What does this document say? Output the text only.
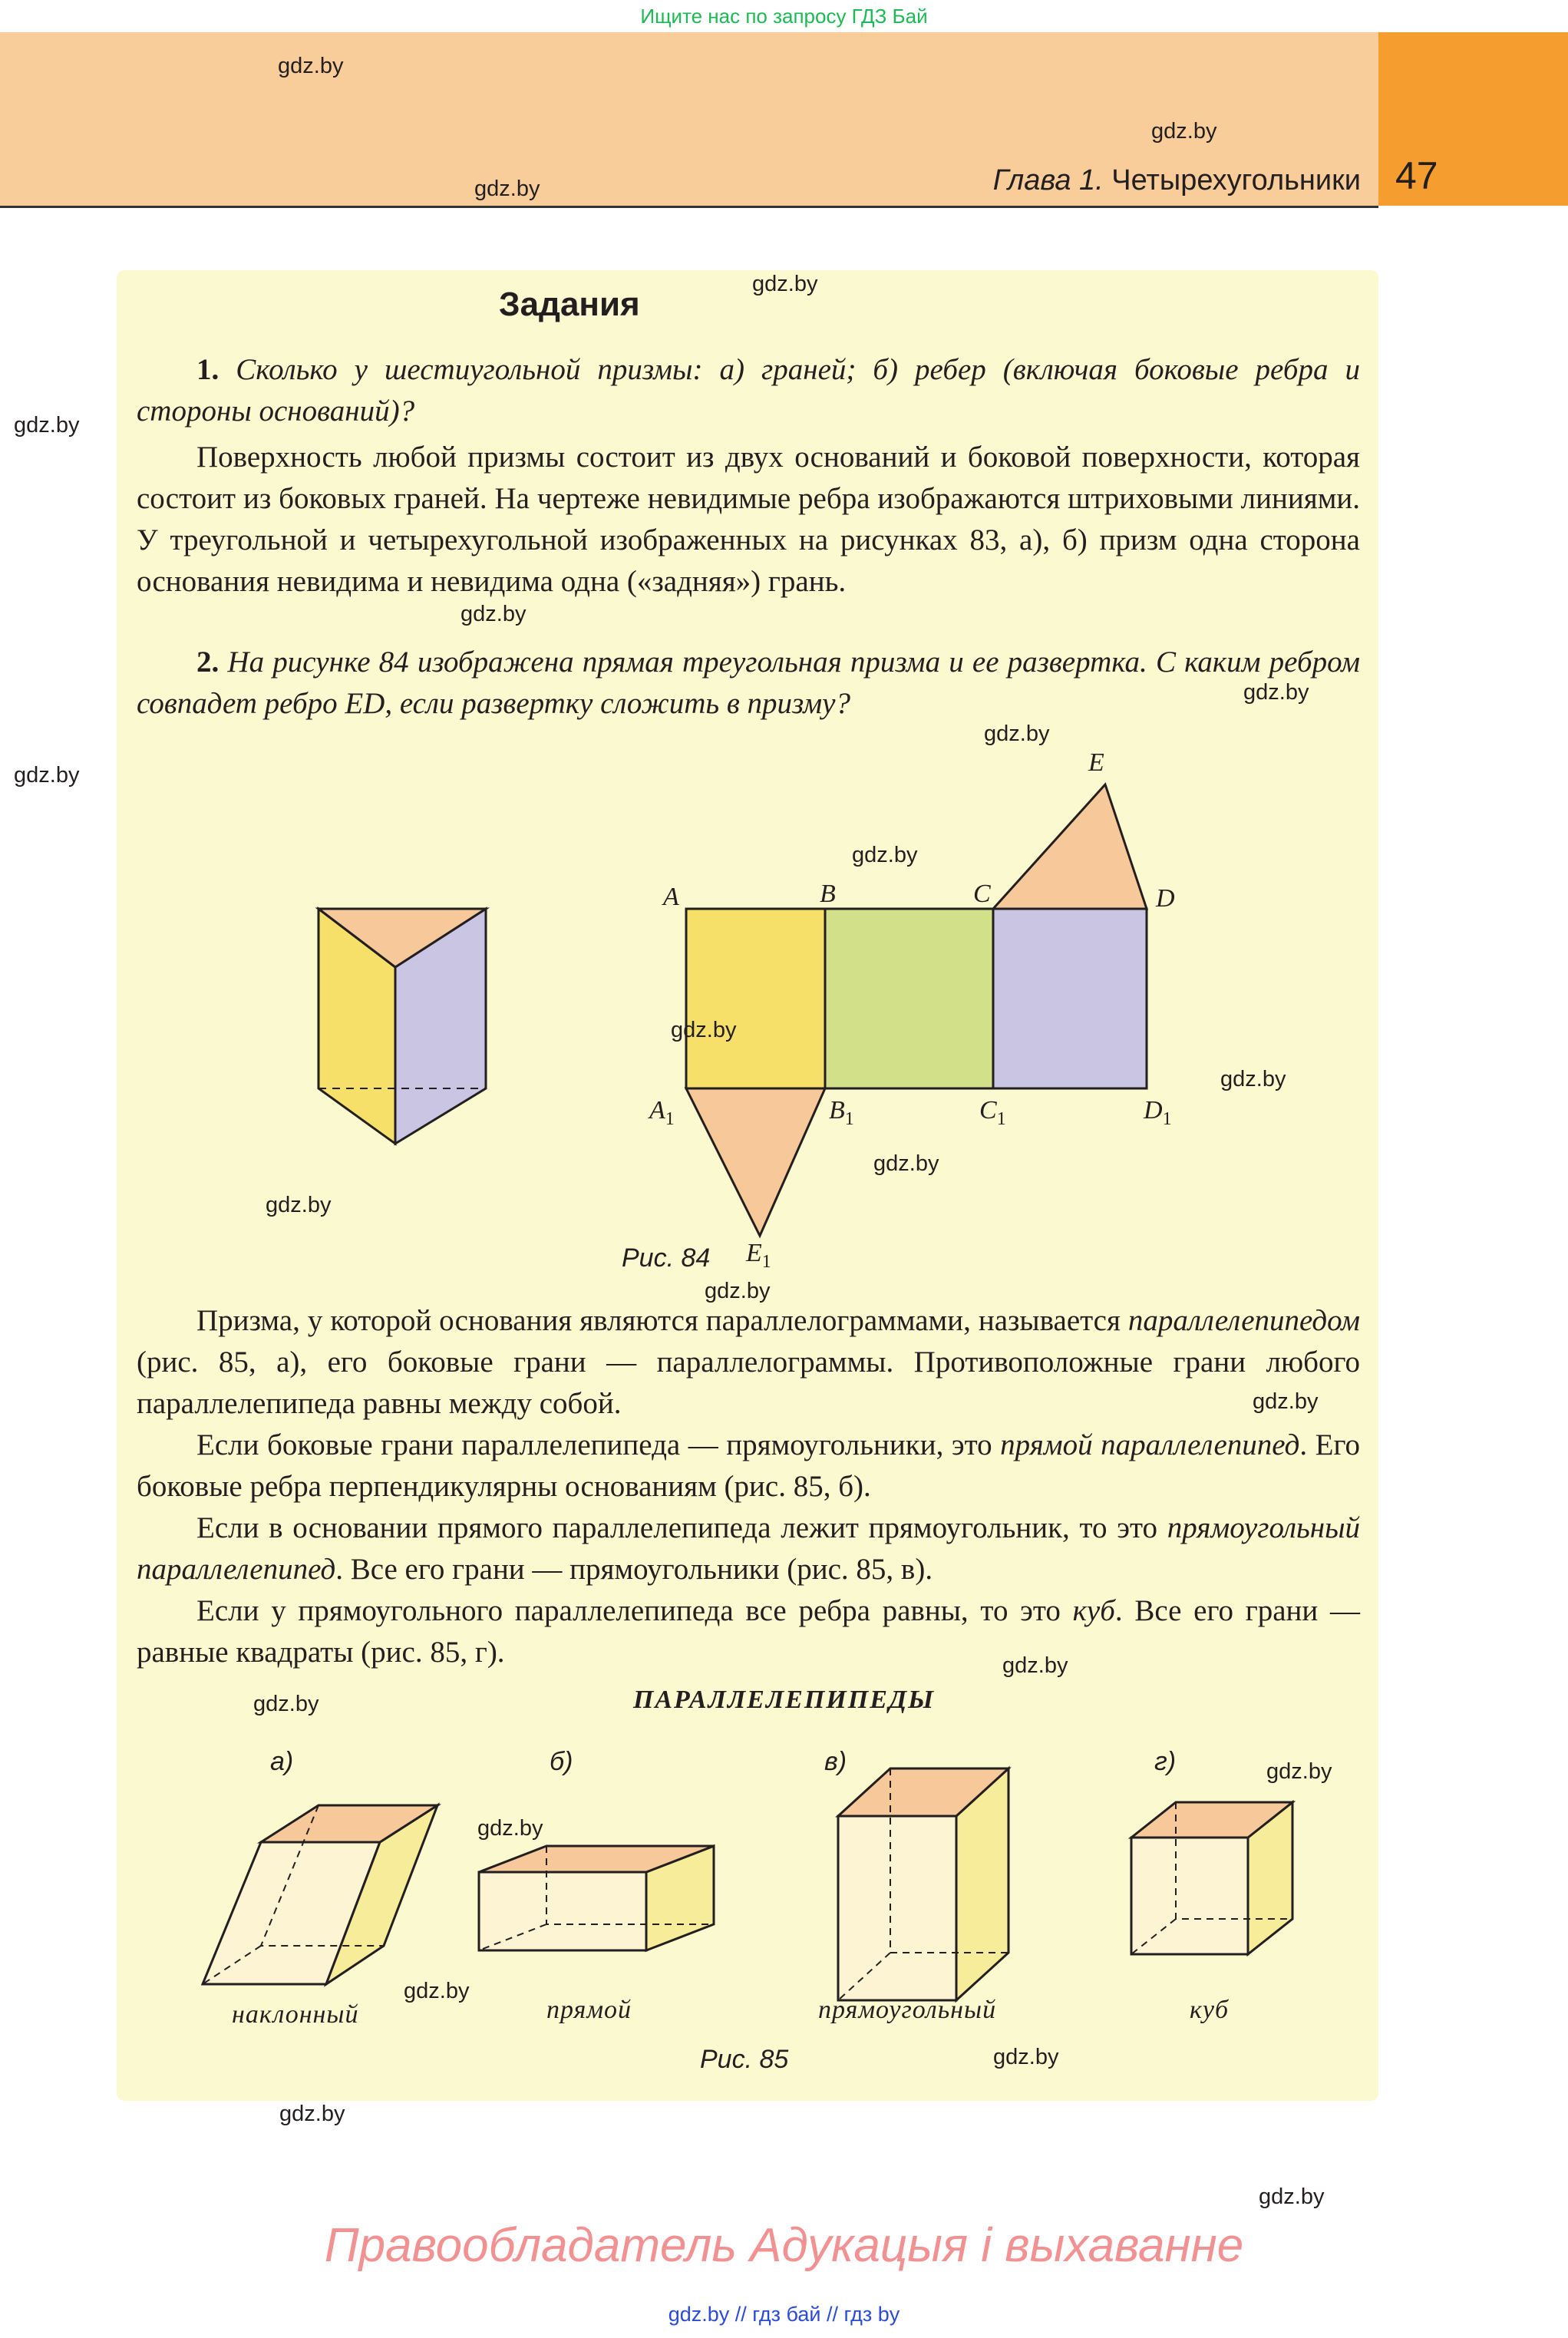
Ищите нас по запросу ГДЗ Бай
47
Глава 1. Четырехугольники
gdz.by
gdz.by
gdz.by
gdz.by
gdz.by
gdz.by
Задания

1. Сколько у шестиугольной призмы: а) граней; б) ребер (включая боковые ребра и стороны оснований)?

Поверхность любой призмы состоит из двух оснований и боковой поверхности, которая состоит из боковых граней. На чертеже невидимые ребра изображаются штриховыми линиями. У треугольной и четырехугольной изображенных на рисунках 83, а), б) призм одна сторона основания невидима и невидима одна («задняя») грань.

gdz.by

2. На рисунке 84 изображена прямая треугольная призма и ее развертка. С каким ребром совпадет ребро ED, если развертку сложить в призму?	gdz.by
gdz.by
A	B	C	D
E
$A_1$	$B_1$	$C_1$	$D_1$
$E_1$
Рис. 84
gdz.by
gdz.by
gdz.by
gdz.by
gdz.by
gdz.by

Призма, у которой основания являются параллелограммами, называется параллелепипедом (рис. 85, а), его боковые грани — параллелограммы. Противоположные грани любого параллелепипеда равны между собой.

Если боковые грани параллелепипеда — прямоугольники, это прямой параллелепипед. Его боковые ребра перпендикулярны основаниям (рис. 85, б).

Если в основании прямого параллелепипеда лежит прямоугольник, то это прямоугольный параллелепипед. Все его грани — прямоугольники (рис. 85, в).

Если у прямоугольного параллелепипеда все ребра равны, то это куб. Все его грани — равные квадраты (рис. 85, г).

gdz.by
gdz.by
gdz.by	ПАРАЛЛЕЛЕПИПЕДЫ
а)	б)	в)	г)
наклонный	прямой	прямоугольный	куб
Рис. 85
gdz.by
gdz.by
gdz.by
gdz.by
gdz.by
gdz.by
Правообладатель Адукацыя і выхаванне
gdz.by // гдз бай // гдз by
